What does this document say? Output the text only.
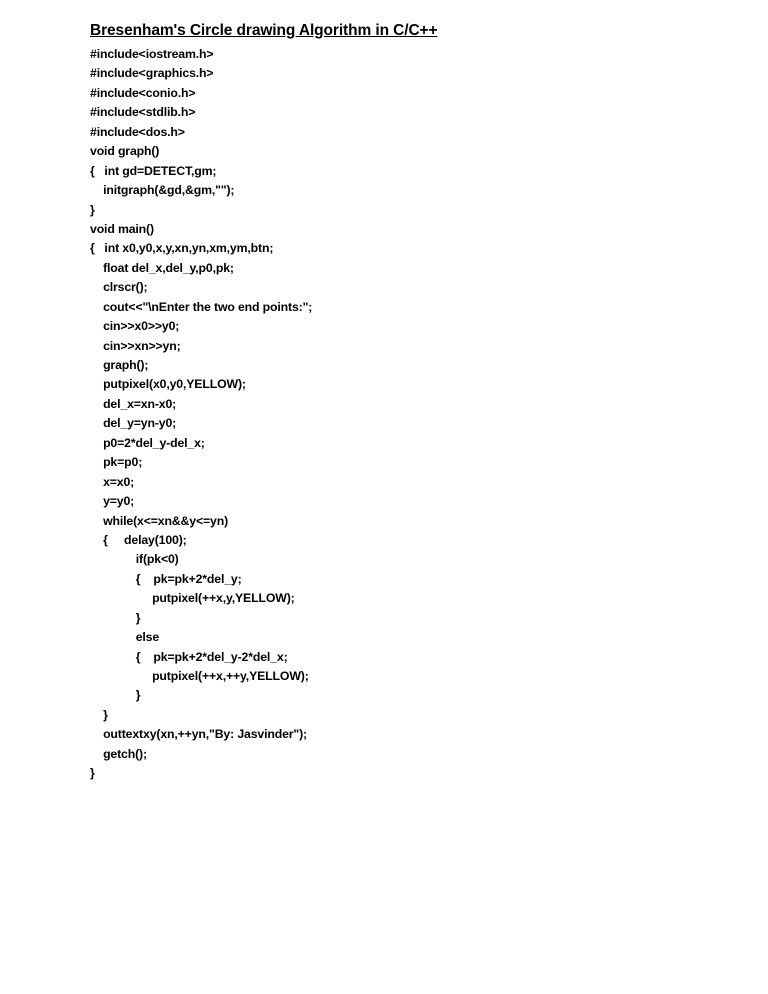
Bresenham's Circle drawing Algorithm in C/C++
#include<iostream.h>
#include<graphics.h>
#include<conio.h>
#include<stdlib.h>
#include<dos.h>
void graph()
{   int gd=DETECT,gm;
initgraph(&gd,&gm,"");
}
void main()
{   int x0,y0,x,y,xn,yn,xm,ym,btn;
float del_x,del_y,p0,pk;
clrscr();
cout<<"\nEnter the two end points:";
cin>>x0>>y0;
cin>>xn>>yn;
graph();
putpixel(x0,y0,YELLOW);
del_x=xn-x0;
del_y=yn-y0;
p0=2*del_y-del_x;
pk=p0;
x=x0;
y=y0;
while(x<=xn&&y<=yn)
{     delay(100);
if(pk<0)
{    pk=pk+2*del_y;
putpixel(++x,y,YELLOW);
}
else
{    pk=pk+2*del_y-2*del_x;
putpixel(++x,++y,YELLOW);
}
}
outtextxy(xn,++yn,"By: Jasvinder");
getch();
}
